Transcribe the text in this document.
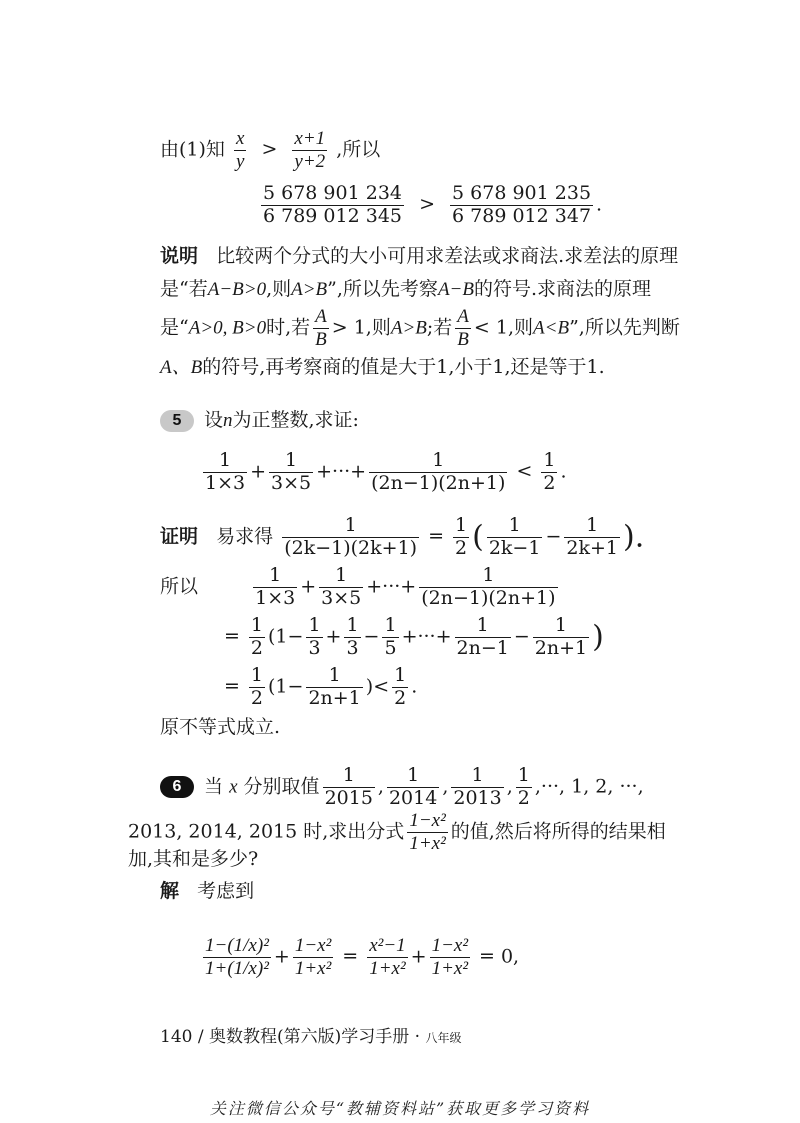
由(1)知 $\frac{x}{y} > \frac{x+1}{y+2}$ ,所以
$\frac{5 678 901 234}{6 789 012 345} > \frac{5 678 901 235}{6 789 012 347}$ .
说明 比较两个分式的大小可用求差法或求商法.求差法的原理是“若A−B>0,则A>B”,所以先考察A−B的符号.求商法的原理是“A>0, B>0时,若 $\frac{A}{B} > 1$,则A>B;若 $\frac{A}{B} < 1$,则A<B”,所以先判断A、B的符号,再考察商的值是大于1,小于1,还是等于1.
5 设n为正整数,求证:
$\frac{1}{1\times 3} + \frac{1}{3\times 5}$ +···+ $\frac{1}{(2n-1)(2n+1)} < \frac{1}{2}$ .
证明 易求得 $\frac{1}{(2k-1)(2k+1)} = \frac{1}{2}$ ( $\frac{1}{2k-1} - \frac{1}{2k+1}$ ).
所以	$\frac{1}{1\times 3} + \frac{1}{3\times 5}$ +···+ $\frac{1}{(2n-1)(2n+1)}$
= $\frac{1}{2} (1- \frac{1}{3} + \frac{1}{3} - \frac{1}{5}$ +···+ $\frac{1}{2n-1} - \frac{1}{2n+1}$ )
= $\frac{1}{2} (1- \frac{1}{2n+1}$ )< $\frac{1}{2}$ .
原不等式成立.
6 当 x 分别取值 $\frac{1}{2015}$ , $\frac{1}{2014}$ , $\frac{1}{2013}$ , $\frac{1}{2}$ ,···, 1, 2, ···,
2013, 2014, 2015 时,求出分式 $\frac{\text{1−x²}}{\text{1+x²}}$ 的值,然后将所得的结果相
加,其和是多少?
解 考虑到
$\frac{\text{1−(1/x)²}}{\text{1+(1/x)²}} + \frac{\text{1−x²}}{\text{1+x²}} = \frac{\text{x²−1}}{\text{1+x²}} + \frac{\text{1−x²}}{\text{1+x²}} = 0$,
140 / 奥数教程(第六版)学习手册 · 八年级
关注微信公众号“教辅资料站”获取更多学习资料
